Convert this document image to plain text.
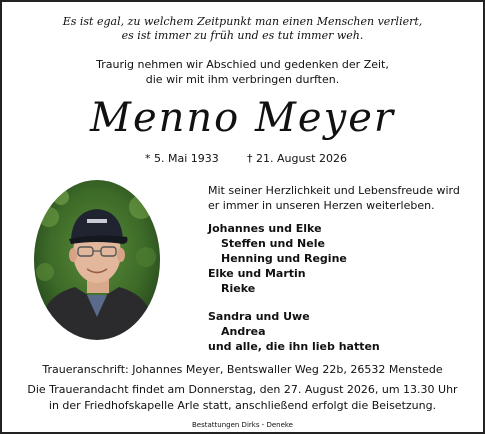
Es ist egal, zu welchem Zeitpunkt man einen Menschen verliert,
es ist immer zu früh und es tut immer weh.
Traurig nehmen wir Abschied und gedenken der Zeit,
die wir mit ihm verbringen durften.
Menno Meyer
* 5. Mai 1933	† 21. August 2026
Mit seiner Herzlichkeit und Lebensfreude wird
er immer in unseren Herzen weiterleben.
Johannes und Elke
Steffen und Nele
Henning und Regine
Elke und Martin
Rieke
Sandra und Uwe
Andrea
und alle, die ihn lieb hatten
Traueranschrift: Johannes Meyer, Bentswaller Weg 22b, 26532 Menstede
Die Trauerandacht findet am Donnerstag, den 27. August 2026, um 13.30 Uhr
in der Friedhofskapelle Arle statt, anschließend erfolgt die Beisetzung.
Bestattungen Dirks - Deneke
